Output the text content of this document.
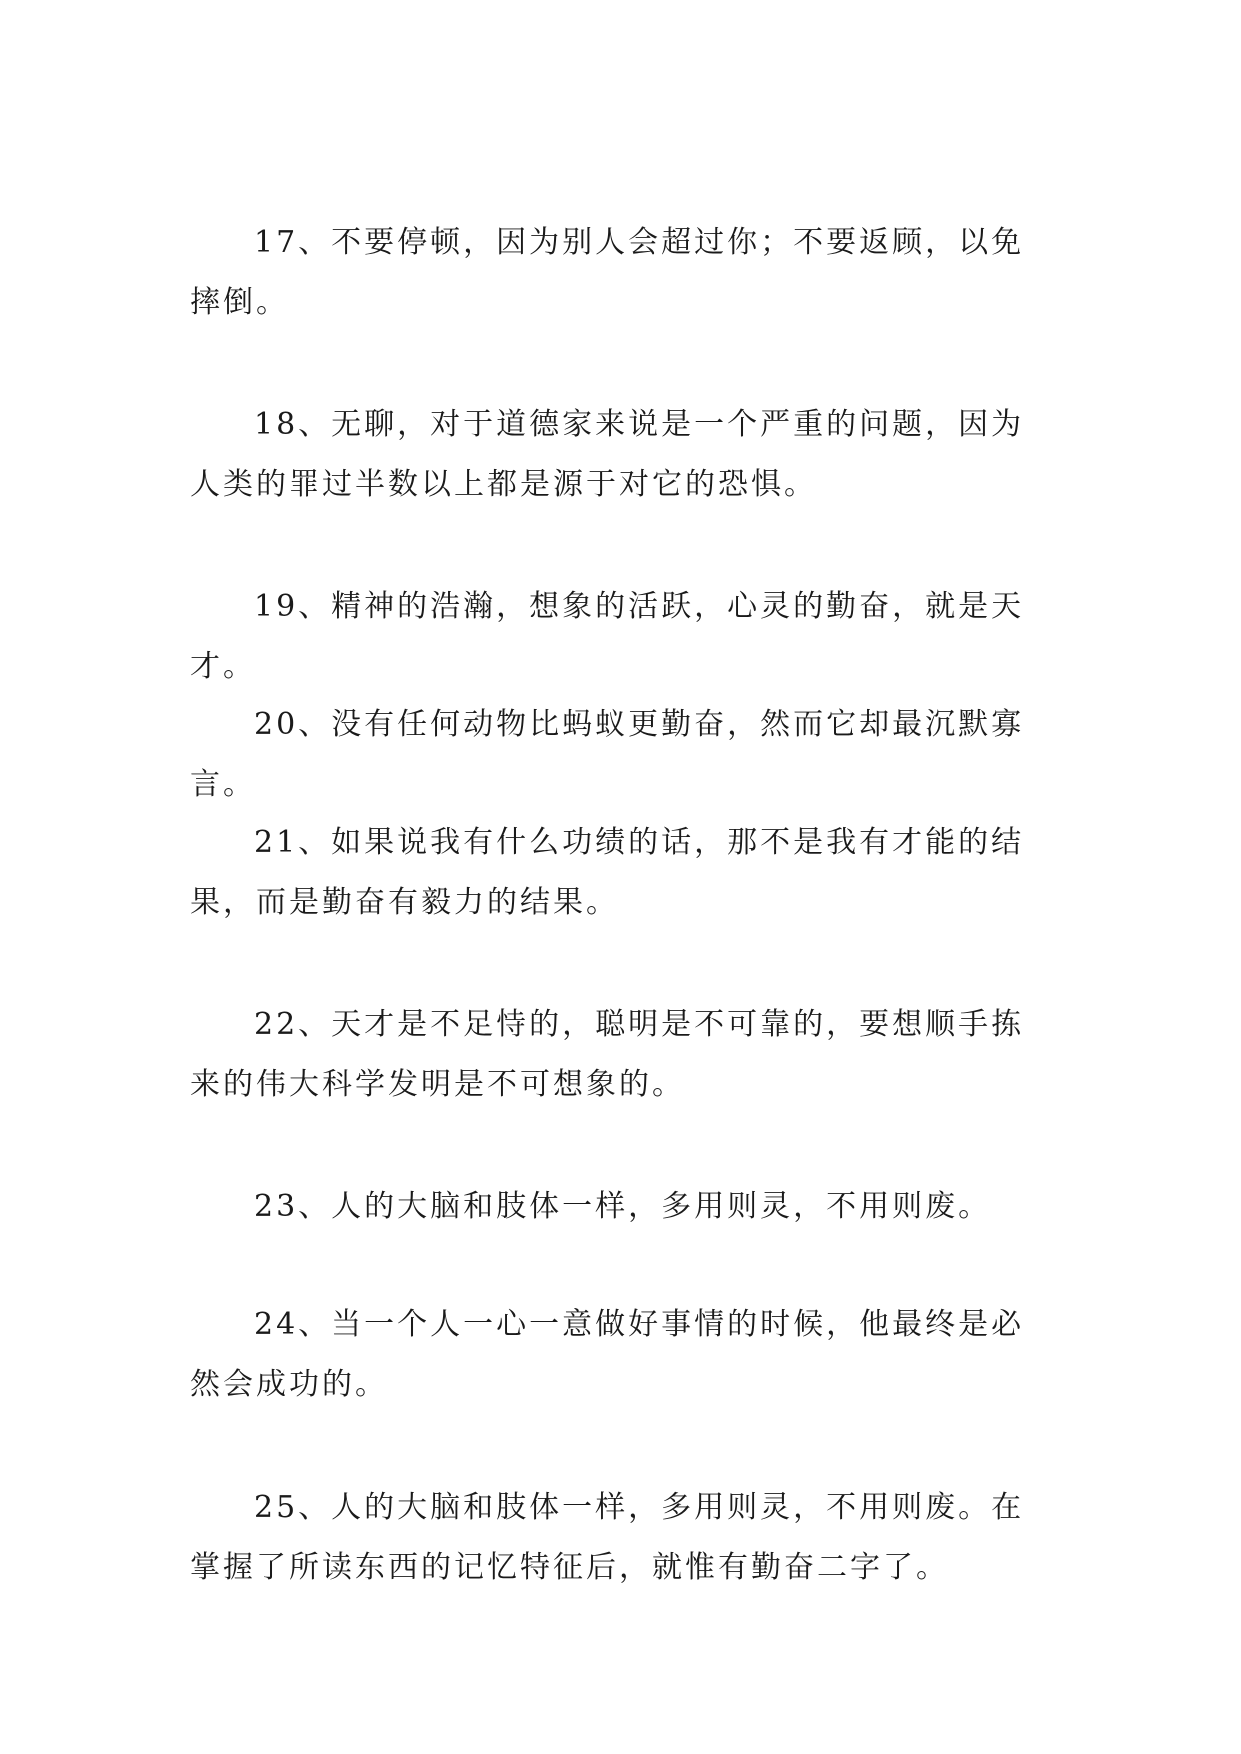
17、不要停顿，因为别人会超过你；不要返顾，以免摔倒。

18、无聊，对于道德家来说是一个严重的问题，因为人类的罪过半数以上都是源于对它的恐惧。

19、精神的浩瀚，想象的活跃，心灵的勤奋，就是天才。

20、没有任何动物比蚂蚁更勤奋，然而它却最沉默寡言。

21、如果说我有什么功绩的话，那不是我有才能的结果，而是勤奋有毅力的结果。

22、天才是不足恃的，聪明是不可靠的，要想顺手拣来的伟大科学发明是不可想象的。

23、人的大脑和肢体一样，多用则灵，不用则废。

24、当一个人一心一意做好事情的时候，他最终是必然会成功的。

25、人的大脑和肢体一样，多用则灵，不用则废。在掌握了所读东西的记忆特征后，就惟有勤奋二字了。
